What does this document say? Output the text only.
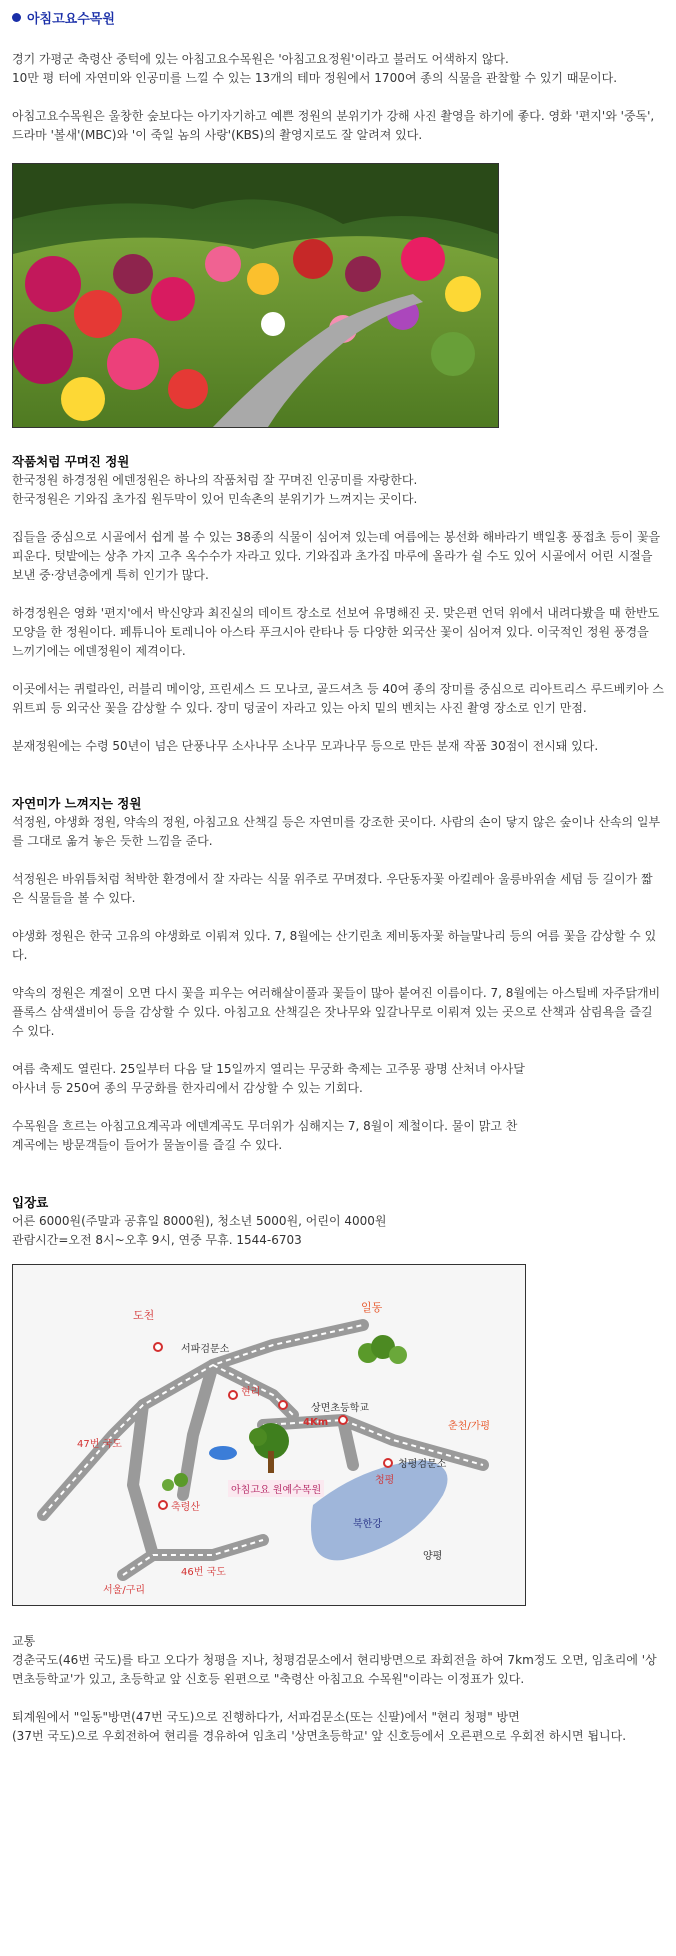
아침고요수목원

경기 가평군 축령산 중턱에 있는 아침고요수목원은 '아침고요정원'이라고 불러도 어색하지 않다.

10만 평 터에 자연미와 인공미를 느낄 수 있는 13개의 테마 정원에서 1700여 종의 식물을 관찰할 수 있기 때문이다.

아침고요수목원은 울창한 숲보다는 아기자기하고 예쁜 정원의 분위기가 강해 사진 촬영을 하기에 좋다. 영화 '편지'와 '중독', 드라마 '볼새'(MBC)와 '이 죽일 놈의 사랑'(KBS)의 촬영지로도 잘 알려져 있다.

작품처럼 꾸며진 정원

한국정원 하경정원 에덴정원은 하나의 작품처럼 잘 꾸며진 인공미를 자랑한다.

한국정원은 기와집 초가집 원두막이 있어 민속촌의 분위기가 느껴지는 곳이다.

집들을 중심으로 시골에서 쉽게 볼 수 있는 38종의 식물이 심어져 있는데 여름에는 봉선화 해바라기 백일홍 풍접초 등이 꽃을 피운다. 텃밭에는 상추 가지 고추 옥수수가 자라고 있다. 기와집과 초가집 마루에 올라가 쉴 수도 있어 시골에서 어린 시절을 보낸 중·장년층에게 특히 인기가 많다.

하경정원은 영화 '편지'에서 박신양과 최진실의 데이트 장소로 선보여 유명해진 곳. 맞은편 언덕 위에서 내려다봤을 때 한반도 모양을 한 정원이다. 페튜니아 토레니아 아스타 푸크시아 란타나 등 다양한 외국산 꽃이 심어져 있다. 이국적인 정원 풍경을 느끼기에는 에덴정원이 제격이다.

이곳에서는 퀴럴라인, 러블리 메이앙, 프린세스 드 모나코, 골드셔츠 등 40여 종의 장미를 중심으로 리아트리스 루드베키아 스위트피 등 외국산 꽃을 감상할 수 있다. 장미 덩굴이 자라고 있는 아치 밑의 벤치는 사진 촬영 장소로 인기 만점.

분재정원에는 수령 50년이 넘은 단풍나무 소사나무 소나무 모과나무 등으로 만든 분재 작품 30점이 전시돼 있다.

자연미가 느껴지는 정원

석정원, 야생화 정원, 약속의 정원, 아침고요 산책길 등은 자연미를 강조한 곳이다. 사람의 손이 닿지 않은 숲이나 산속의 일부를 그대로 옮겨 놓은 듯한 느낌을 준다.

석정원은 바위틈처럼 척박한 환경에서 잘 자라는 식물 위주로 꾸며졌다. 우단동자꽃 아킬레아 울릉바위솔 세덤 등 길이가 짧은 식물들을 볼 수 있다.

야생화 정원은 한국 고유의 야생화로 이뤄져 있다. 7, 8월에는 산기린초 제비동자꽃 하늘말나리 등의 여름 꽃을 감상할 수 있다.

약속의 정원은 계절이 오면 다시 꽃을 피우는 여러해살이풀과 꽃들이 많아 붙여진 이름이다. 7, 8월에는 아스틸베 자주닭개비 플록스 삼색샐비어 등을 감상할 수 있다. 아침고요 산책길은 잣나무와 잎갈나무로 이뤄져 있는 곳으로 산책과 삼림욕을 즐길 수 있다.

여름 축제도 열린다. 25일부터 다음 달 15일까지 열리는 무궁화 축제는 고주몽 광명 산처녀 아사달

아사녀 등 250여 종의 무궁화를 한자리에서 감상할 수 있는 기회다.

수목원을 흐르는 아침고요계곡과 에덴계곡도 무더위가 심해지는 7, 8월이 제철이다. 물이 맑고 찬

계곡에는 방문객들이 들어가 물놀이를 즐길 수 있다.

입장료

어른 6000원(주말과 공휴일 8000원), 청소년 5000원, 어린이 4000원

관람시간=오전 8시~오후 9시, 연중 무휴. 1544-6703

도천
일동
서파검문소
현리
상면초등학교
춘천/가평
47번 국도
4Km
아침고요 원예수목원
축령산
청평검문소
청평
북한강
양평
46번 국도
서울/구리

교통

경춘국도(46번 국도)를 타고 오다가 청평을 지나, 청평검문소에서 현리방면으로 좌회전을 하여 7km정도 오면, 임초리에 '상면초등학교'가 있고, 초등학교 앞 신호등 왼편으로 "축령산 아침고요 수목원"이라는 이정표가 있다.

퇴계원에서 "일동"방면(47번 국도)으로 진행하다가, 서파검문소(또는 신팔)에서 "현리 청평" 방면

(37번 국도)으로 우회전하여 현리를 경유하여 임초리 '상면초등학교' 앞 신호등에서 오른편으로 우회전 하시면 됩니다.
